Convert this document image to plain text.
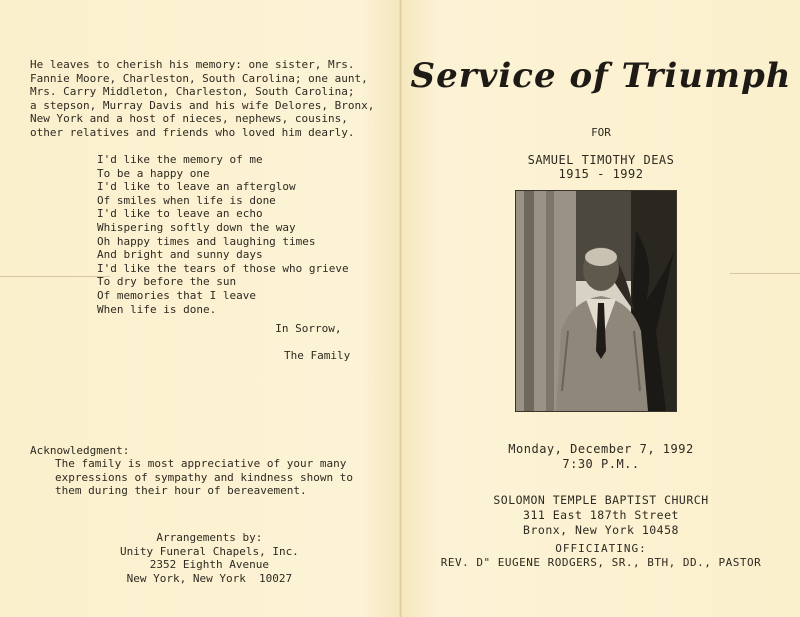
He leaves to cherish his memory: one sister, Mrs.
Fannie Moore, Charleston, South Carolina; one aunt,
Mrs. Carry Middleton, Charleston, South Carolina;
a stepson, Murray Davis and his wife Delores, Bronx,
New York and a host of nieces, nephews, cousins,
other relatives and friends who loved him dearly.
I'd like the memory of me
To be a happy one
I'd like to leave an afterglow
Of smiles when life is done
I'd like to leave an echo
Whispering softly down the way
Oh happy times and laughing times
And bright and sunny days
I'd like the tears of those who grieve
To dry before the sun
Of memories that I leave
When life is done.

In Sorrow,

The Family

Acknowledgment:
The family is most appreciative of your many
expressions of sympathy and kindness shown to
them during their hour of bereavement.
Arrangements by:
Unity Funeral Chapels, Inc.
2352 Eighth Avenue
New York, New York  10027
Service of Triumph
FOR
SAMUEL TIMOTHY DEAS
1915 - 1992
Monday, December 7, 1992
7:30 P.M..
SOLOMON TEMPLE BAPTIST CHURCH
311 East 187th Street
Bronx, New York 10458
OFFICIATING:
REV. D" EUGENE RODGERS, SR., BTH, DD., PASTOR
